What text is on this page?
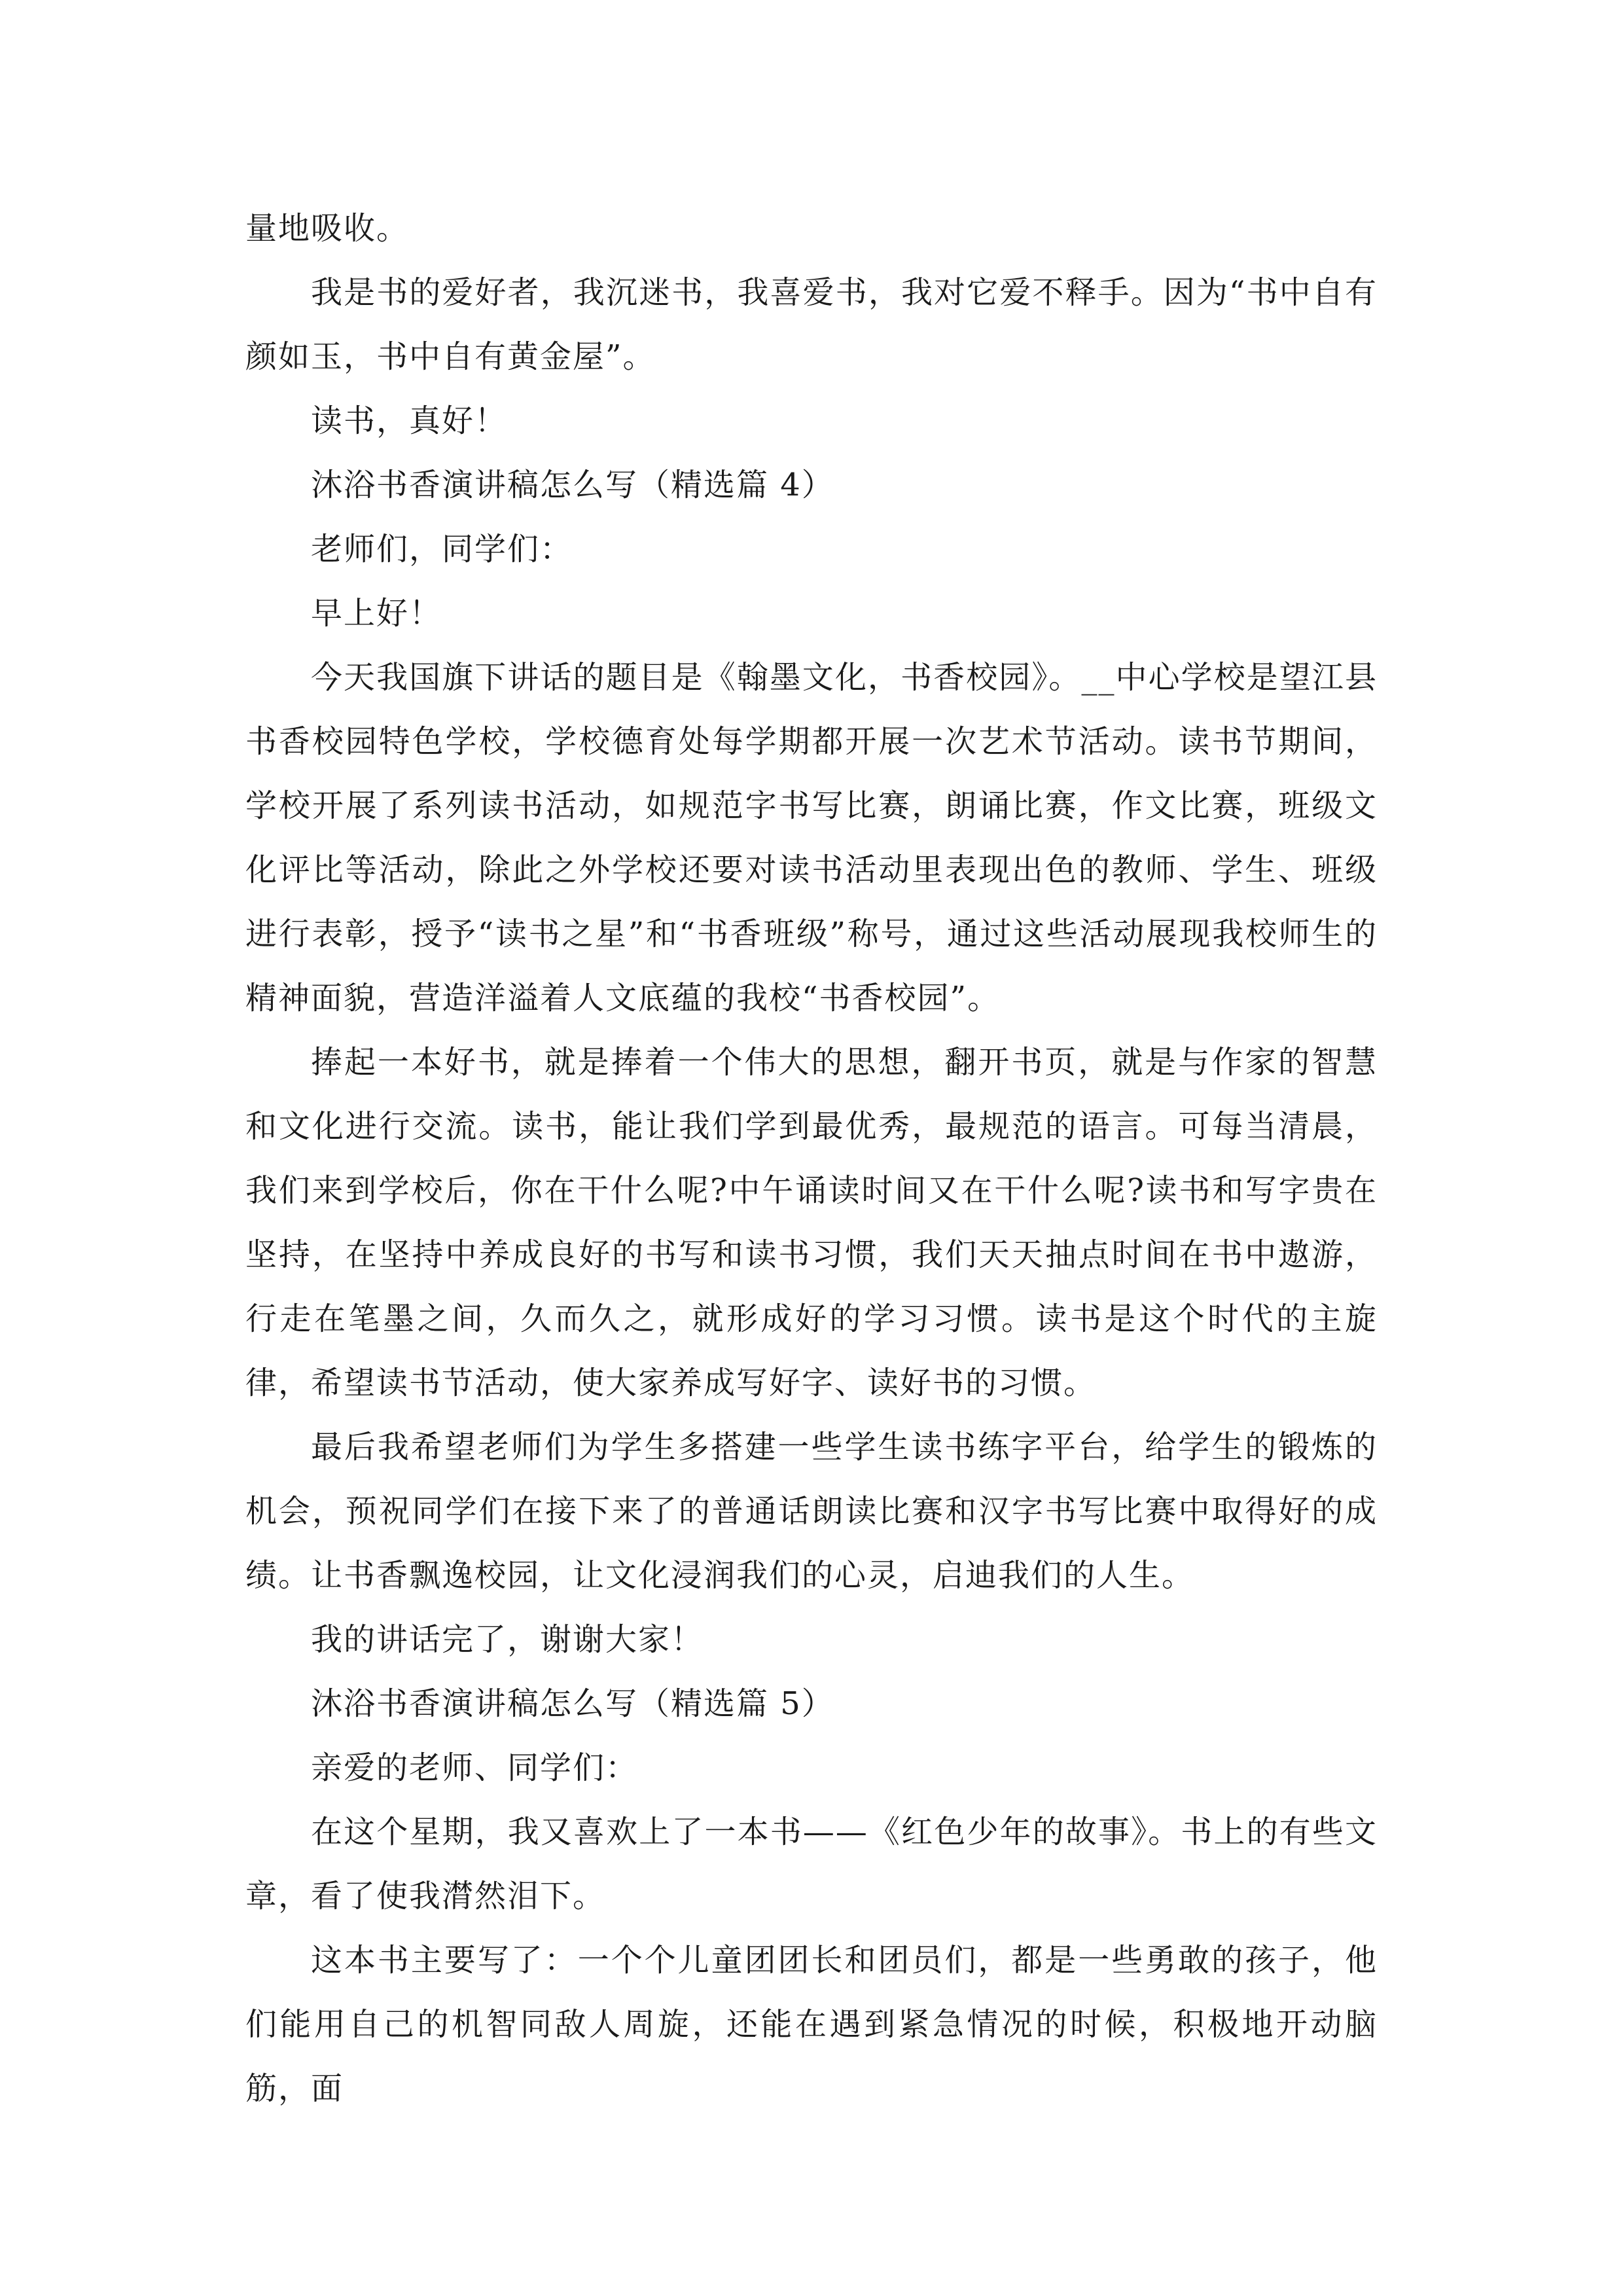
量地吸收。

我是书的爱好者，我沉迷书，我喜爱书，我对它爱不释手。因为“书中自有颜如玉，书中自有黄金屋”。

读书，真好！

沐浴书香演讲稿怎么写（精选篇 4）

老师们，同学们：

早上好！

今天我国旗下讲话的题目是《翰墨文化，书香校园》。__中心学校是望江县书香校园特色学校，学校德育处每学期都开展一次艺术节活动。读书节期间，学校开展了系列读书活动，如规范字书写比赛，朗诵比赛，作文比赛，班级文化评比等活动，除此之外学校还要对读书活动里表现出色的教师、学生、班级进行表彰，授予“读书之星”和“书香班级”称号，通过这些活动展现我校师生的精神面貌，营造洋溢着人文底蕴的我校“书香校园”。

捧起一本好书，就是捧着一个伟大的思想，翻开书页，就是与作家的智慧和文化进行交流。读书，能让我们学到最优秀，最规范的语言。可每当清晨，我们来到学校后，你在干什么呢?中午诵读时间又在干什么呢?读书和写字贵在坚持，在坚持中养成良好的书写和读书习惯，我们天天抽点时间在书中遨游，行走在笔墨之间，久而久之，就形成好的学习习惯。读书是这个时代的主旋律，希望读书节活动，使大家养成写好字、读好书的习惯。

最后我希望老师们为学生多搭建一些学生读书练字平台，给学生的锻炼的机会，预祝同学们在接下来了的普通话朗读比赛和汉字书写比赛中取得好的成绩。让书香飘逸校园，让文化浸润我们的心灵，启迪我们的人生。

我的讲话完了，谢谢大家！

沐浴书香演讲稿怎么写（精选篇 5）

亲爱的老师、同学们：

在这个星期，我又喜欢上了一本书——《红色少年的故事》。书上的有些文章，看了使我潸然泪下。

这本书主要写了：一个个儿童团团长和团员们，都是一些勇敢的孩子，他们能用自己的机智同敌人周旋，还能在遇到紧急情况的时候，积极地开动脑筋，面
